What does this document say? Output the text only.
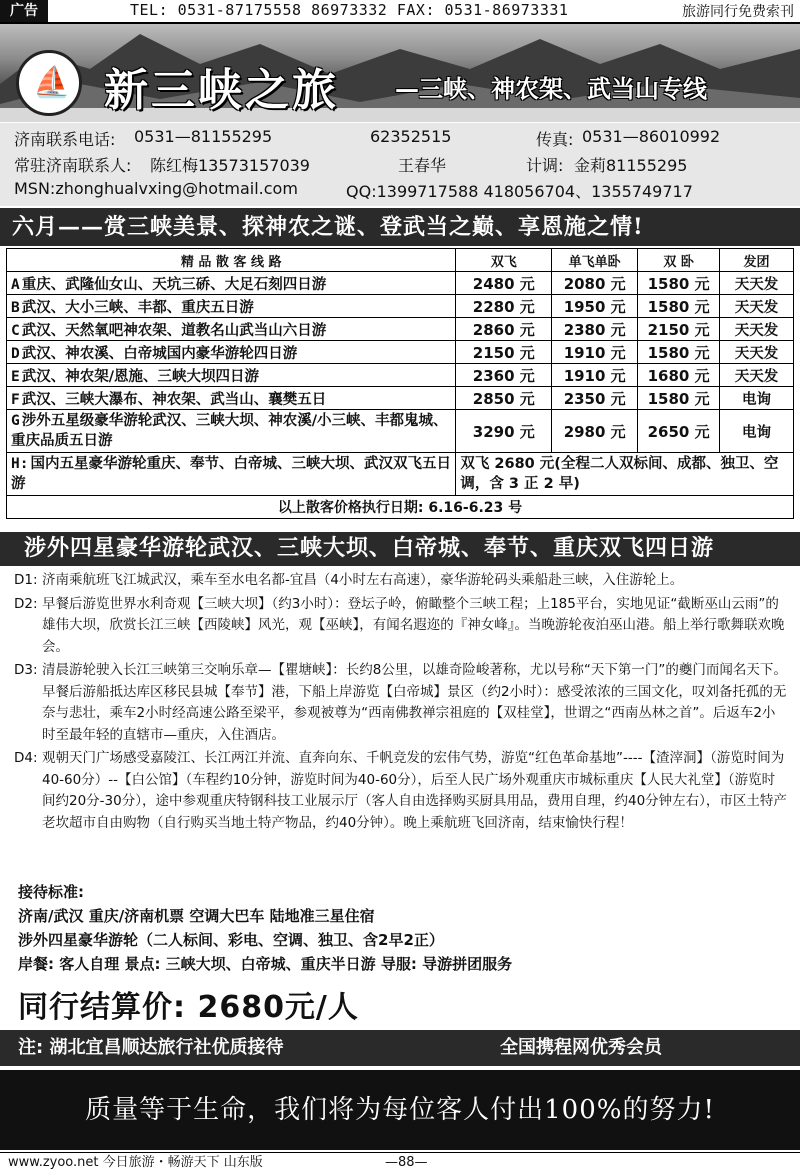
广告	TEL: 0531-87175558 86973332 FAX: 0531-86973331	旅游同行免费索刊
⛵ 新三峡之旅 —三峡、神农架、武当山专线
济南联系电话: 0531—81155295	62352515	传真: 0531—86010992
常驻济南联系人: 陈红梅13573157039	王春华	计调: 金莉81155295
MSN:zhonghualvxing@hotmail.com	QQ:1399717588 418056704、1355749717
六月——赏三峡美景、探神农之谜、登武当之巅、享恩施之情!
精 品 散 客 线 路	双飞	单飞单卧	双 卧	发团
A 重庆、武隆仙女山、天坑三硚、大足石刻四日游	2480 元	2080 元	1580 元	天天发
B 武汉、大小三峡、丰都、重庆五日游	2280 元	1950 元	1580 元	天天发
C 武汉、天然氧吧神农架、道教名山武当山六日游	2860 元	2380 元	2150 元	天天发
D 武汉、神农溪、白帝城国内豪华游轮四日游	2150 元	1910 元	1580 元	天天发
E 武汉、神农架/恩施、三峡大坝四日游	2360 元	1910 元	1680 元	天天发
F 武汉、三峡大瀑布、神农架、武当山、襄樊五日	2850 元	2350 元	1580 元	电询
G 涉外五星级豪华游轮武汉、三峡大坝、神农溪/小三峡、丰都鬼城、重庆品质五日游	3290 元	2980 元	2650 元	电询
H: 国内五星豪华游轮重庆、奉节、白帝城、三峡大坝、武汉双飞五日游	双飞 2680 元(全程二人双标间、成都、独卫、空调，含 3 正 2 早)			
以上散客价格执行日期: 6.16-6.23 号				
涉外四星豪华游轮武汉、三峡大坝、白帝城、奉节、重庆双飞四日游
D1: 济南乘航班飞江城武汉，乘车至水电名都-宜昌（4小时左右高速），豪华游轮码头乘船赴三峡，入住游轮上。
D2: 早餐后游览世界水利奇观【三峡大坝】（约3小时）：登坛子岭，俯瞰整个三峡工程；上185平台，实地见证“截断巫山云雨”的雄伟大坝，欣赏长江三峡【西陵峡】风光，观【巫峡】，有闻名遐迩的『神女峰』。当晚游轮夜泊巫山港。船上举行歌舞联欢晚会。
D3: 清晨游轮驶入长江三峡第三交响乐章—【瞿塘峡】：长约8公里，以雄奇险峻著称，尤以号称“天下第一门”的夔门而闻名天下。早餐后游船抵达库区移民县城【奉节】港，下船上岸游览【白帝城】景区（约2小时）：感受浓浓的三国文化，叹刘备托孤的无奈与悲壮，乘车2小时经高速公路至梁平，参观被尊为“西南佛教禅宗祖庭的【双桂堂】，世谓之“西南丛林之首”。后返车2小时至最年轻的直辖市—重庆，入住酒店。
D4: 观朝天门广场感受嘉陵江、长江两江并流、直奔向东、千帆竞发的宏伟气势，游览“红色革命基地”----【渣滓洞】（游览时间为40-60分）--【白公馆】（车程约10分钟，游览时间为40-60分），后至人民广场外观重庆市城标重庆【人民大礼堂】（游览时间约20分-30分），途中参观重庆特钢科技工业展示厅（客人自由选择购买厨具用品，费用自理，约40分钟左右），市区土特产老坎超市自由购物（自行购买当地土特产物品，约40分钟）。晚上乘航班飞回济南，结束愉快行程！
接待标准:
济南/武汉 重庆/济南机票 空调大巴车 陆地准三星住宿
涉外四星豪华游轮（二人标间、彩电、空调、独卫、含2早2正）
岸餐: 客人自理 景点: 三峡大坝、白帝城、重庆半日游 导服: 导游拼团服务
同行结算价: 2680元/人
注: 湖北宜昌顺达旅行社优质接待	全国携程网优秀会员
质量等于生命，我们将为每位客人付出100%的努力!
www.zyoo.net 今日旅游・畅游天下 山东版	—88—
